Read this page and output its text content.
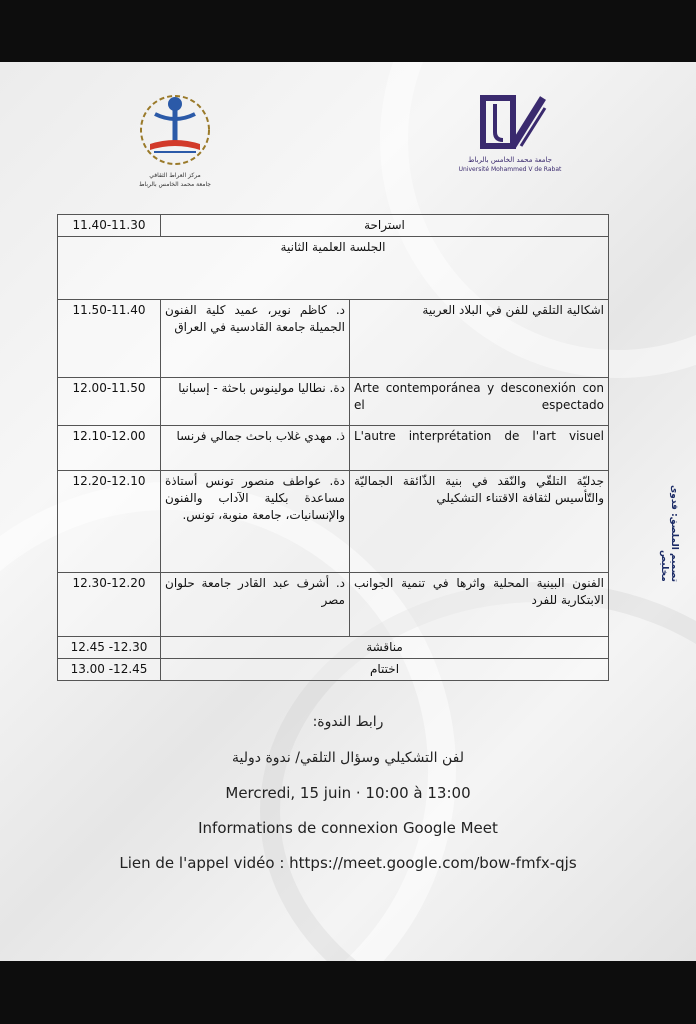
مركز العراط الثقافي
جامعة محمد الخامس بالرباط
جامعة محمد الخامس بالرباط
Université Mohammed V de Rabat
11.40-11.30	استراحة	
الجلسة العلمية الثانية		
11.50-11.40	د. كاظم نوير، عميد كلية الفنون الجميلة جامعة القادسية في العراق	اشكالية التلقي للفن في البلاد العربية
12.00-11.50	دة. نطاليا مولينوس باحثة - إسبانيا	Arte contemporánea y desconexión con el espectado
12.10-12.00	ذ. مهدي غلاب باحث جمالي فرنسا	L'autre interprétation de l'art visuel
12.20-12.10	دة. عواطف منصور تونس أستاذة مساعدة بكلية الآداب والفنون والإنسانيات، جامعة منوبة، تونس.	جدليّة التلقّي والنّقد في بنية الذّائقة الجماليّة والتّأسيس لثقافة الاقتناء التشكيلي
12.30-12.20	د. أشرف عبد القادر جامعة حلوان مصر	الفنون البينية المحلية واثرها في تنمية الجوانب الابتكارية للفرد
12.45 -12.30	مناقشة	
13.00 -12.45	اختتام	
تصميم الملصق: فدوى مخليص
رابط الندوة:
لفن التشكيلي وسؤال التلقي/ ندوة دولية
Mercredi, 15 juin · 10:00 à 13:00
Informations de connexion Google Meet
Lien de l'appel vidéo : https://meet.google.com/bow-fmfx-qjs
